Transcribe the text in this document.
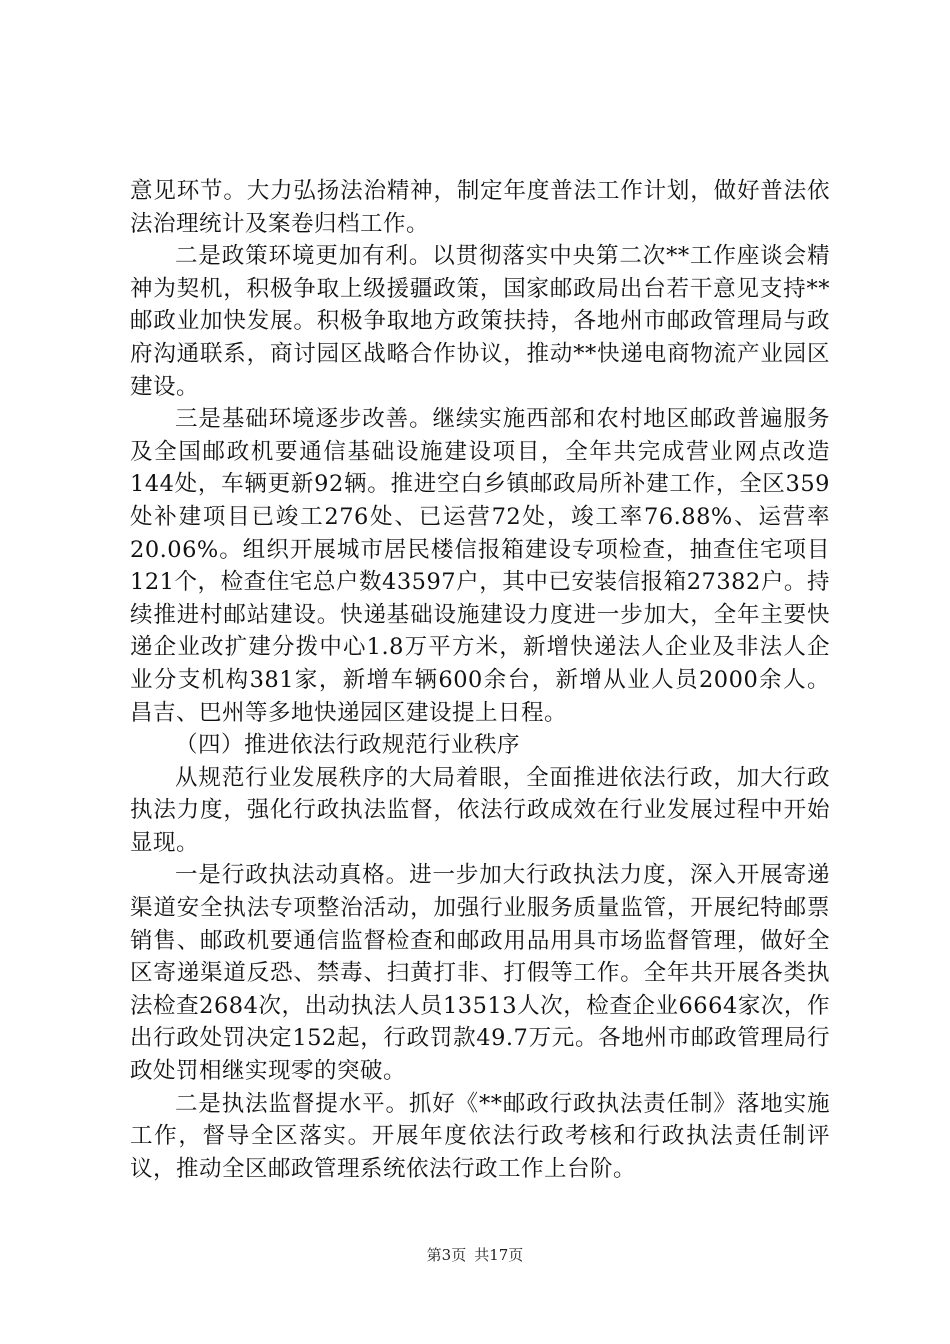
意见环节。大力弘扬法治精神，制定年度普法工作计划，做好普法依法治理统计及案卷归档工作。

二是政策环境更加有利。以贯彻落实中央第二次**工作座谈会精神为契机，积极争取上级援疆政策，国家邮政局出台若干意见支持**邮政业加快发展。积极争取地方政策扶持，各地州市邮政管理局与政府沟通联系，商讨园区战略合作协议，推动**快递电商物流产业园区建设。

三是基础环境逐步改善。继续实施西部和农村地区邮政普遍服务及全国邮政机要通信基础设施建设项目，全年共完成营业网点改造144处，车辆更新92辆。推进空白乡镇邮政局所补建工作，全区359处补建项目已竣工276处、已运营72处，竣工率76.88%、运营率20.06%。组织开展城市居民楼信报箱建设专项检查，抽查住宅项目121个，检查住宅总户数43597户，其中已安装信报箱27382户。持续推进村邮站建设。快递基础设施建设力度进一步加大，全年主要快递企业改扩建分拨中心1.8万平方米，新增快递法人企业及非法人企业分支机构381家，新增车辆600余台，新增从业人员2000余人。昌吉、巴州等多地快递园区建设提上日程。

（四）推进依法行政规范行业秩序

从规范行业发展秩序的大局着眼，全面推进依法行政，加大行政执法力度，强化行政执法监督，依法行政成效在行业发展过程中开始显现。

一是行政执法动真格。进一步加大行政执法力度，深入开展寄递渠道安全执法专项整治活动，加强行业服务质量监管，开展纪特邮票销售、邮政机要通信监督检查和邮政用品用具市场监督管理，做好全区寄递渠道反恐、禁毒、扫黄打非、打假等工作。全年共开展各类执法检查2684次，出动执法人员13513人次，检查企业6664家次，作出行政处罚决定152起，行政罚款49.7万元。各地州市邮政管理局行政处罚相继实现零的突破。

二是执法监督提水平。抓好《**邮政行政执法责任制》落地实施工作，督导全区落实。开展年度依法行政考核和行政执法责任制评议，推动全区邮政管理系统依法行政工作上台阶。

第3页 共17页
